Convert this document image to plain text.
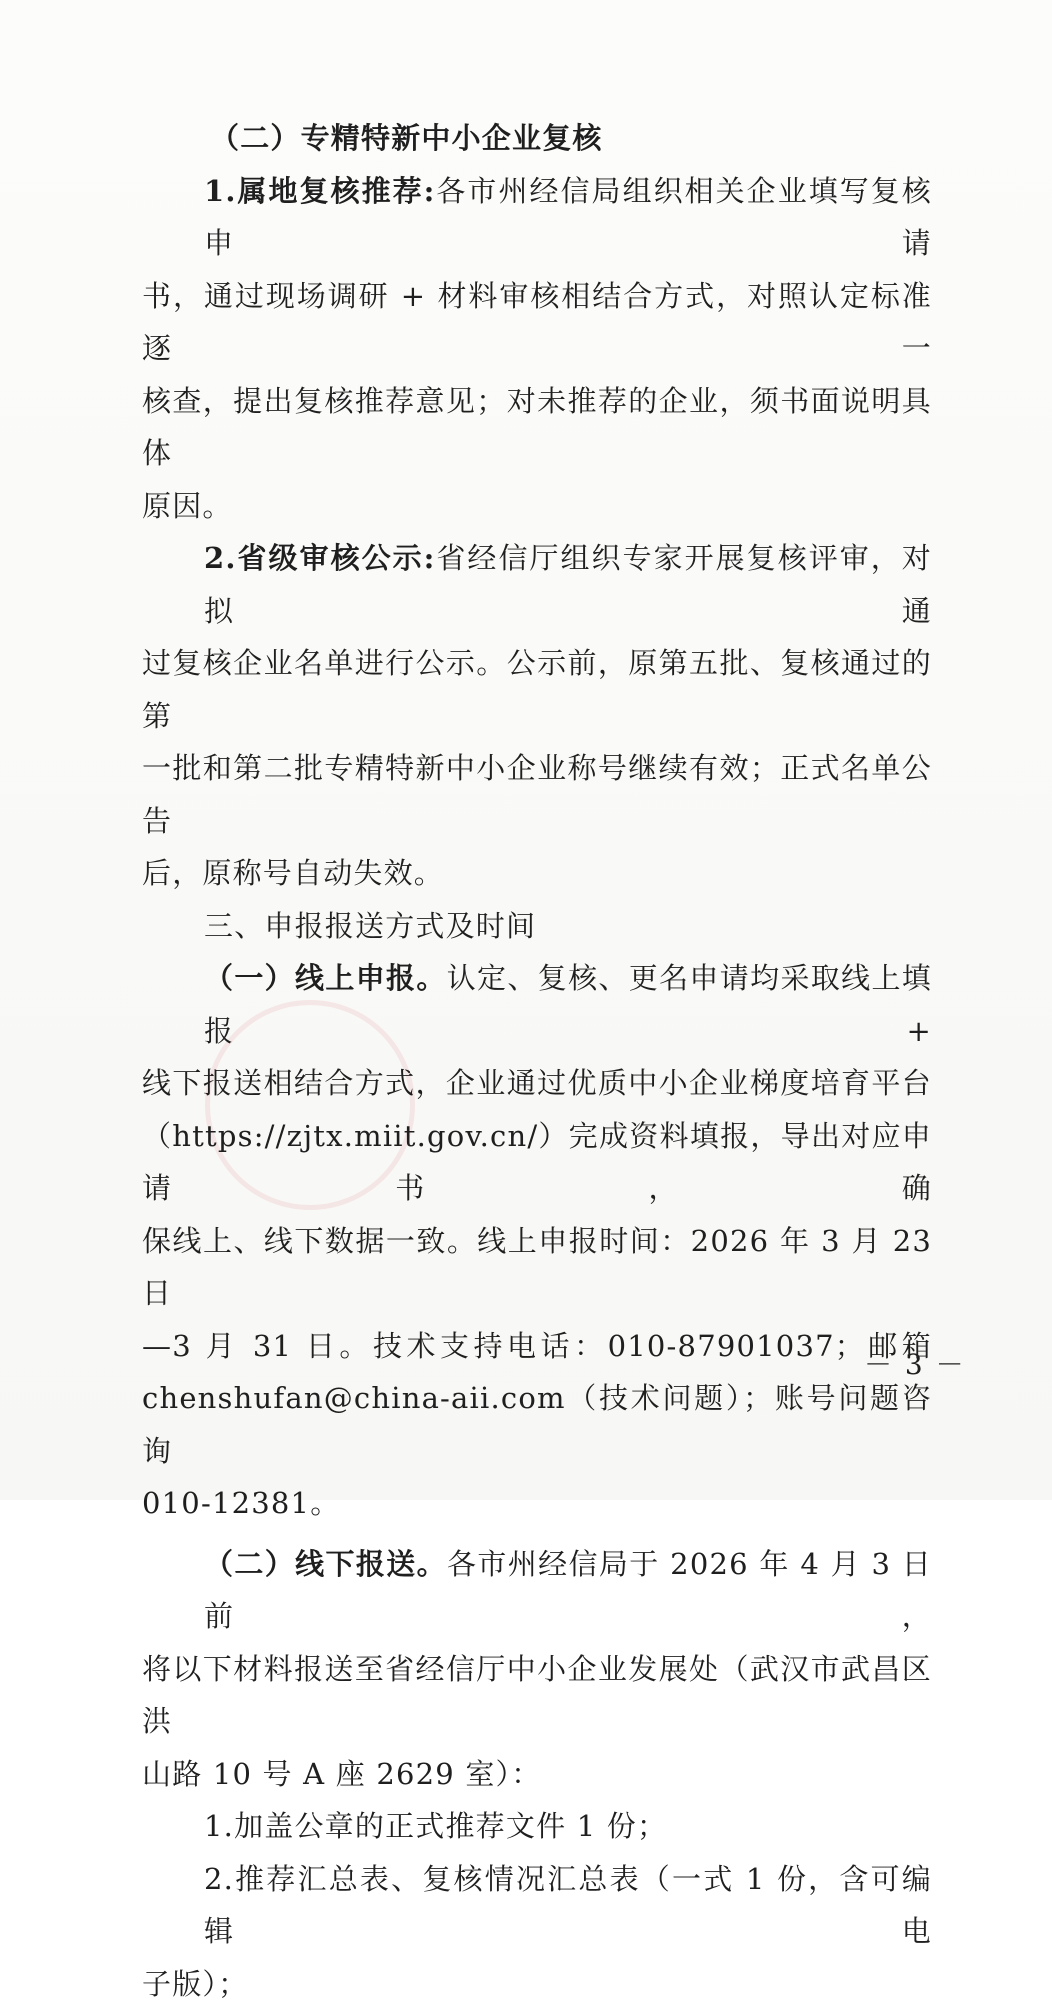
（二）专精特新中小企业复核
1.属地复核推荐:各市州经信局组织相关企业填写复核申请
书，通过现场调研 + 材料审核相结合方式，对照认定标准逐一
核查，提出复核推荐意见；对未推荐的企业，须书面说明具体
原因。
2.省级审核公示:省经信厅组织专家开展复核评审，对拟通
过复核企业名单进行公示。公示前，原第五批、复核通过的第
一批和第二批专精特新中小企业称号继续有效；正式名单公告
后，原称号自动失效。
三、申报报送方式及时间
（一）线上申报。认定、复核、更名申请均采取线上填报 +
线下报送相结合方式，企业通过优质中小企业梯度培育平台
（https://zjtx.miit.gov.cn/）完成资料填报，导出对应申请书，确
保线上、线下数据一致。线上申报时间：2026 年 3 月 23 日
—3 月 31 日。技术支持电话：010-87901037；邮箱
chenshufan@china-aii.com（技术问题）；账号问题咨询
010-12381。
（二）线下报送。各市州经信局于 2026 年 4 月 3 日前，
将以下材料报送至省经信厅中小企业发展处（武汉市武昌区洪
山路 10 号 A 座 2629 室）：
1.加盖公章的正式推荐文件 1 份；
2.推荐汇总表、复核情况汇总表（一式 1 份，含可编辑电
子版）；
－ 3 －
